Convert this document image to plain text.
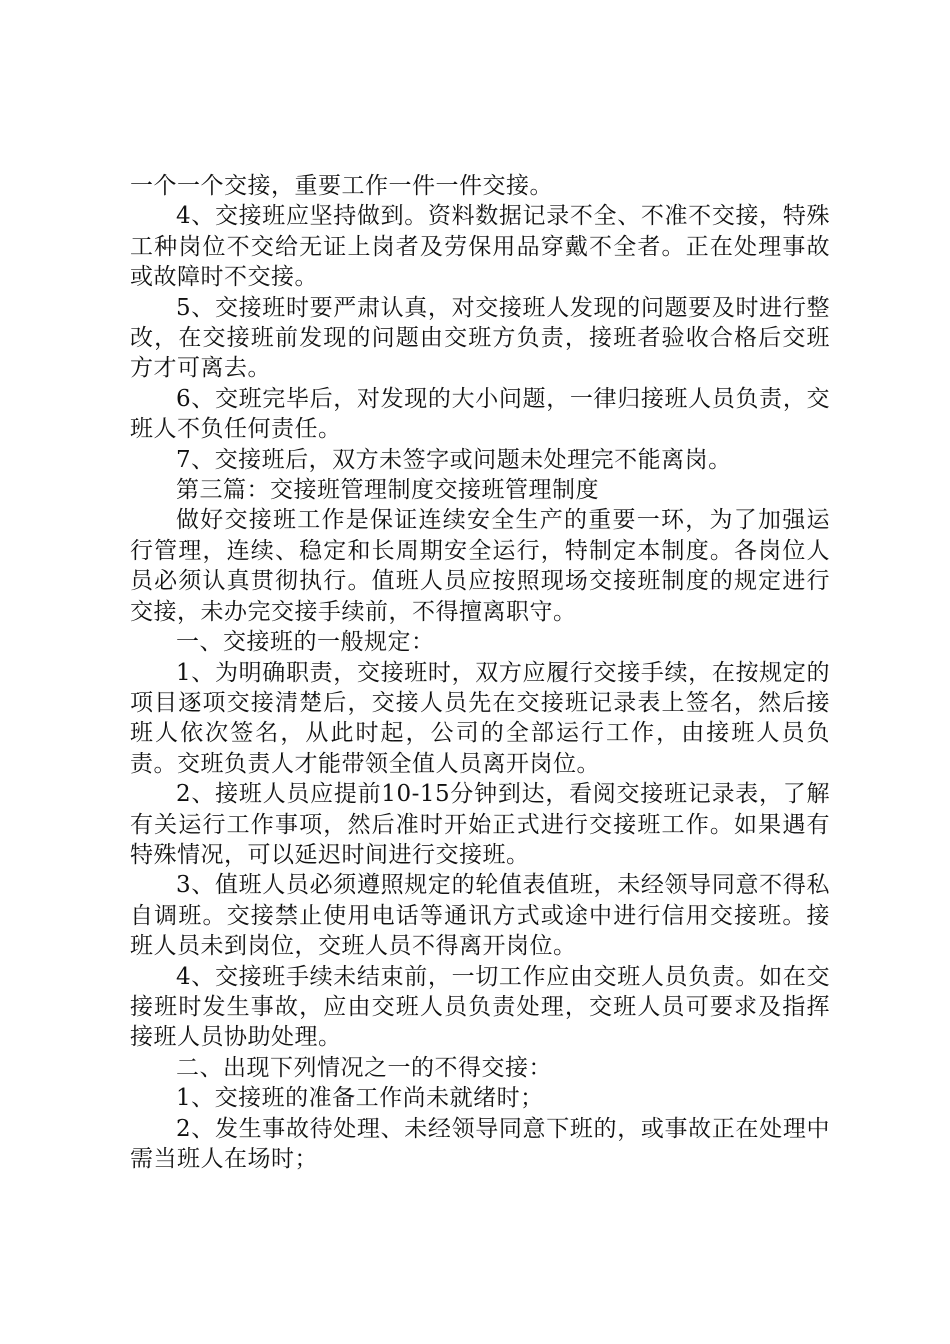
一个一个交接，重要工作一件一件交接。

4、交接班应坚持做到。资料数据记录不全、不准不交接，特殊工种岗位不交给无证上岗者及劳保用品穿戴不全者。正在处理事故或故障时不交接。

5、交接班时要严肃认真，对交接班人发现的问题要及时进行整改，在交接班前发现的问题由交班方负责，接班者验收合格后交班方才可离去。

6、交班完毕后，对发现的大小问题，一律归接班人员负责，交班人不负任何责任。

7、交接班后，双方未签字或问题未处理完不能离岗。

第三篇：交接班管理制度交接班管理制度

做好交接班工作是保证连续安全生产的重要一环，为了加强运行管理，连续、稳定和长周期安全运行，特制定本制度。各岗位人员必须认真贯彻执行。值班人员应按照现场交接班制度的规定进行交接，未办完交接手续前，不得擅离职守。

一、交接班的一般规定：

1、为明确职责，交接班时，双方应履行交接手续，在按规定的项目逐项交接清楚后，交接人员先在交接班记录表上签名，然后接班人依次签名，从此时起，公司的全部运行工作，由接班人员负责。交班负责人才能带领全值人员离开岗位。

2、接班人员应提前10-15分钟到达，看阅交接班记录表，了解有关运行工作事项，然后准时开始正式进行交接班工作。如果遇有特殊情况，可以延迟时间进行交接班。

3、值班人员必须遵照规定的轮值表值班，未经领导同意不得私自调班。交接禁止使用电话等通讯方式或途中进行信用交接班。接班人员未到岗位，交班人员不得离开岗位。

4、交接班手续未结束前，一切工作应由交班人员负责。如在交接班时发生事故，应由交班人员负责处理，交班人员可要求及指挥接班人员协助处理。

二、出现下列情况之一的不得交接：

1、交接班的准备工作尚未就绪时；

2、发生事故待处理、未经领导同意下班的，或事故正在处理中需当班人在场时；
